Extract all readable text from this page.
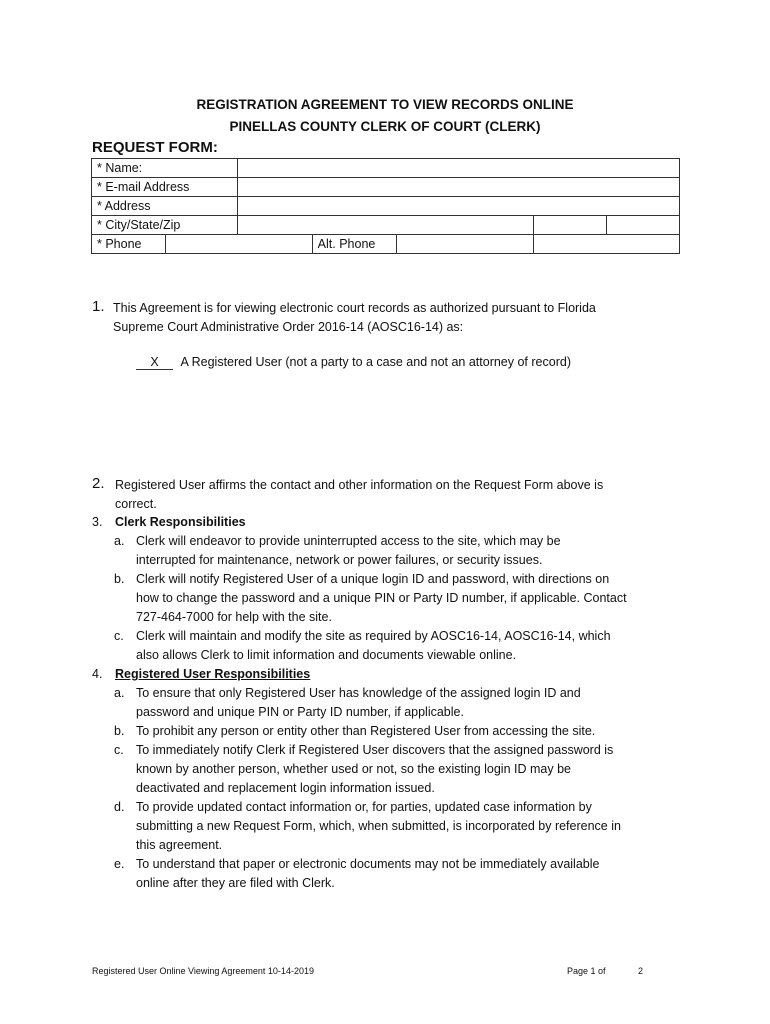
REGISTRATION AGREEMENT TO VIEW RECORDS ONLINE
PINELLAS COUNTY CLERK OF COURT (CLERK)
REQUEST FORM:
* Name:						
* E-mail Address						
* Address						
* City/State/Zip						
* Phone			Alt. Phone			
1. This Agreement is for viewing electronic court records as authorized pursuant to Florida
Supreme Court Administrative Order 2016-14 (AOSC16-14) as:
X A Registered User (not a party to a case and not an attorney of record)
2. Registered User affirms the contact and other information on the Request Form above is
correct.
3. Clerk Responsibilities
a. Clerk will endeavor to provide uninterrupted access to the site, which may be
interrupted for maintenance, network or power failures, or security issues.
b. Clerk will notify Registered User of a unique login ID and password, with directions on
how to change the password and a unique PIN or Party ID number, if applicable. Contact
727-464-7000 for help with the site.
c. Clerk will maintain and modify the site as required by AOSC16-14, AOSC16-14, which
also allows Clerk to limit information and documents viewable online.
4. Registered User Responsibilities
a. To ensure that only Registered User has knowledge of the assigned login ID and
password and unique PIN or Party ID number, if applicable.
b. To prohibit any person or entity other than Registered User from accessing the site.
c. To immediately notify Clerk if Registered User discovers that the assigned password is
known by another person, whether used or not, so the existing login ID may be
deactivated and replacement login information issued.
d. To provide updated contact information or, for parties, updated case information by
submitting a new Request Form, which, when submitted, is incorporated by reference in
this agreement.
e. To understand that paper or electronic documents may not be immediately available
online after they are filed with Clerk.
Registered User Online Viewing Agreement 10-14-2019	Page 1 of	2
